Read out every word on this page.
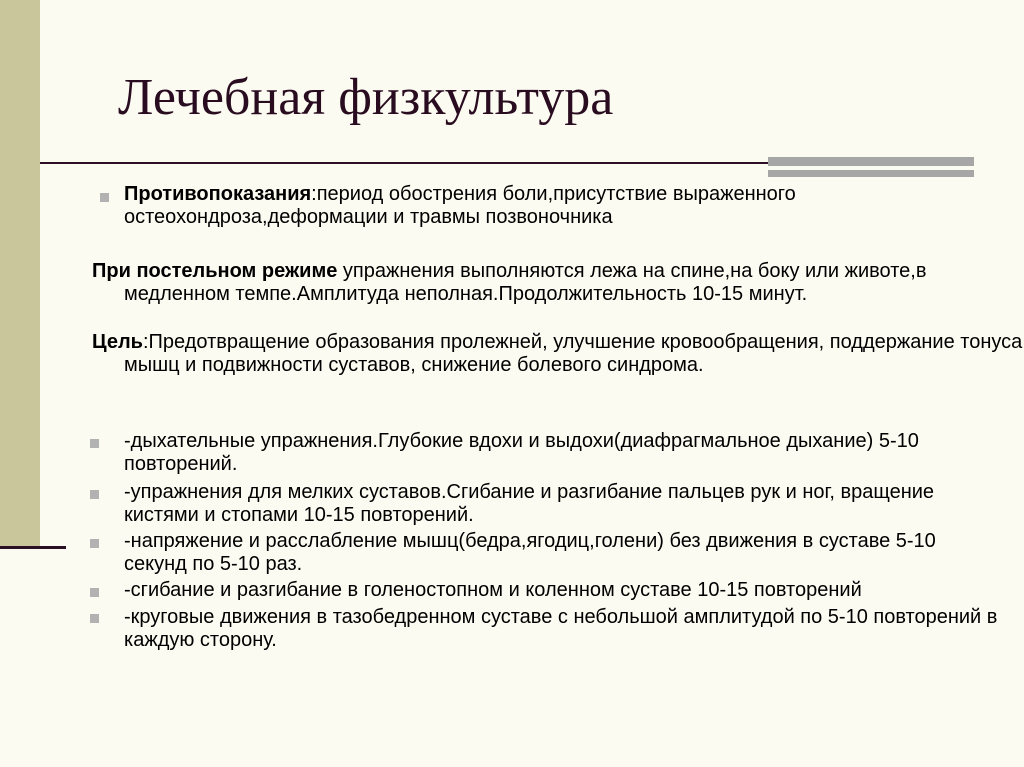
Лечебная физкультура

Противопоказания:период обострения боли,присутствие выраженного остеохондроза,деформации и травмы позвоночника

При постельном режиме упражнения выполняются лежа на спине,на боку или животе,в медленном темпе.Амплитуда неполная.Продолжительность 10-15 минут.

Цель:Предотвращение образования пролежней, улучшение кровообращения, поддержание тонуса мышц и подвижности суставов, снижение болевого синдрома.

-дыхательные упражнения.Глубокие вдохи и выдохи(диафрагмальное дыхание) 5-10 повторений.

-упражнения для мелких суставов.Сгибание и разгибание пальцев рук и ног, вращение кистями и стопами 10-15 повторений.

-напряжение и расслабление мышц(бедра,ягодиц,голени) без движения в суставе 5-10 секунд по 5-10 раз.

-сгибание и разгибание в голеностопном и коленном суставе 10-15 повторений

-круговые движения в тазобедренном суставе с небольшой амплитудой по 5-10 повторений в каждую сторону.
